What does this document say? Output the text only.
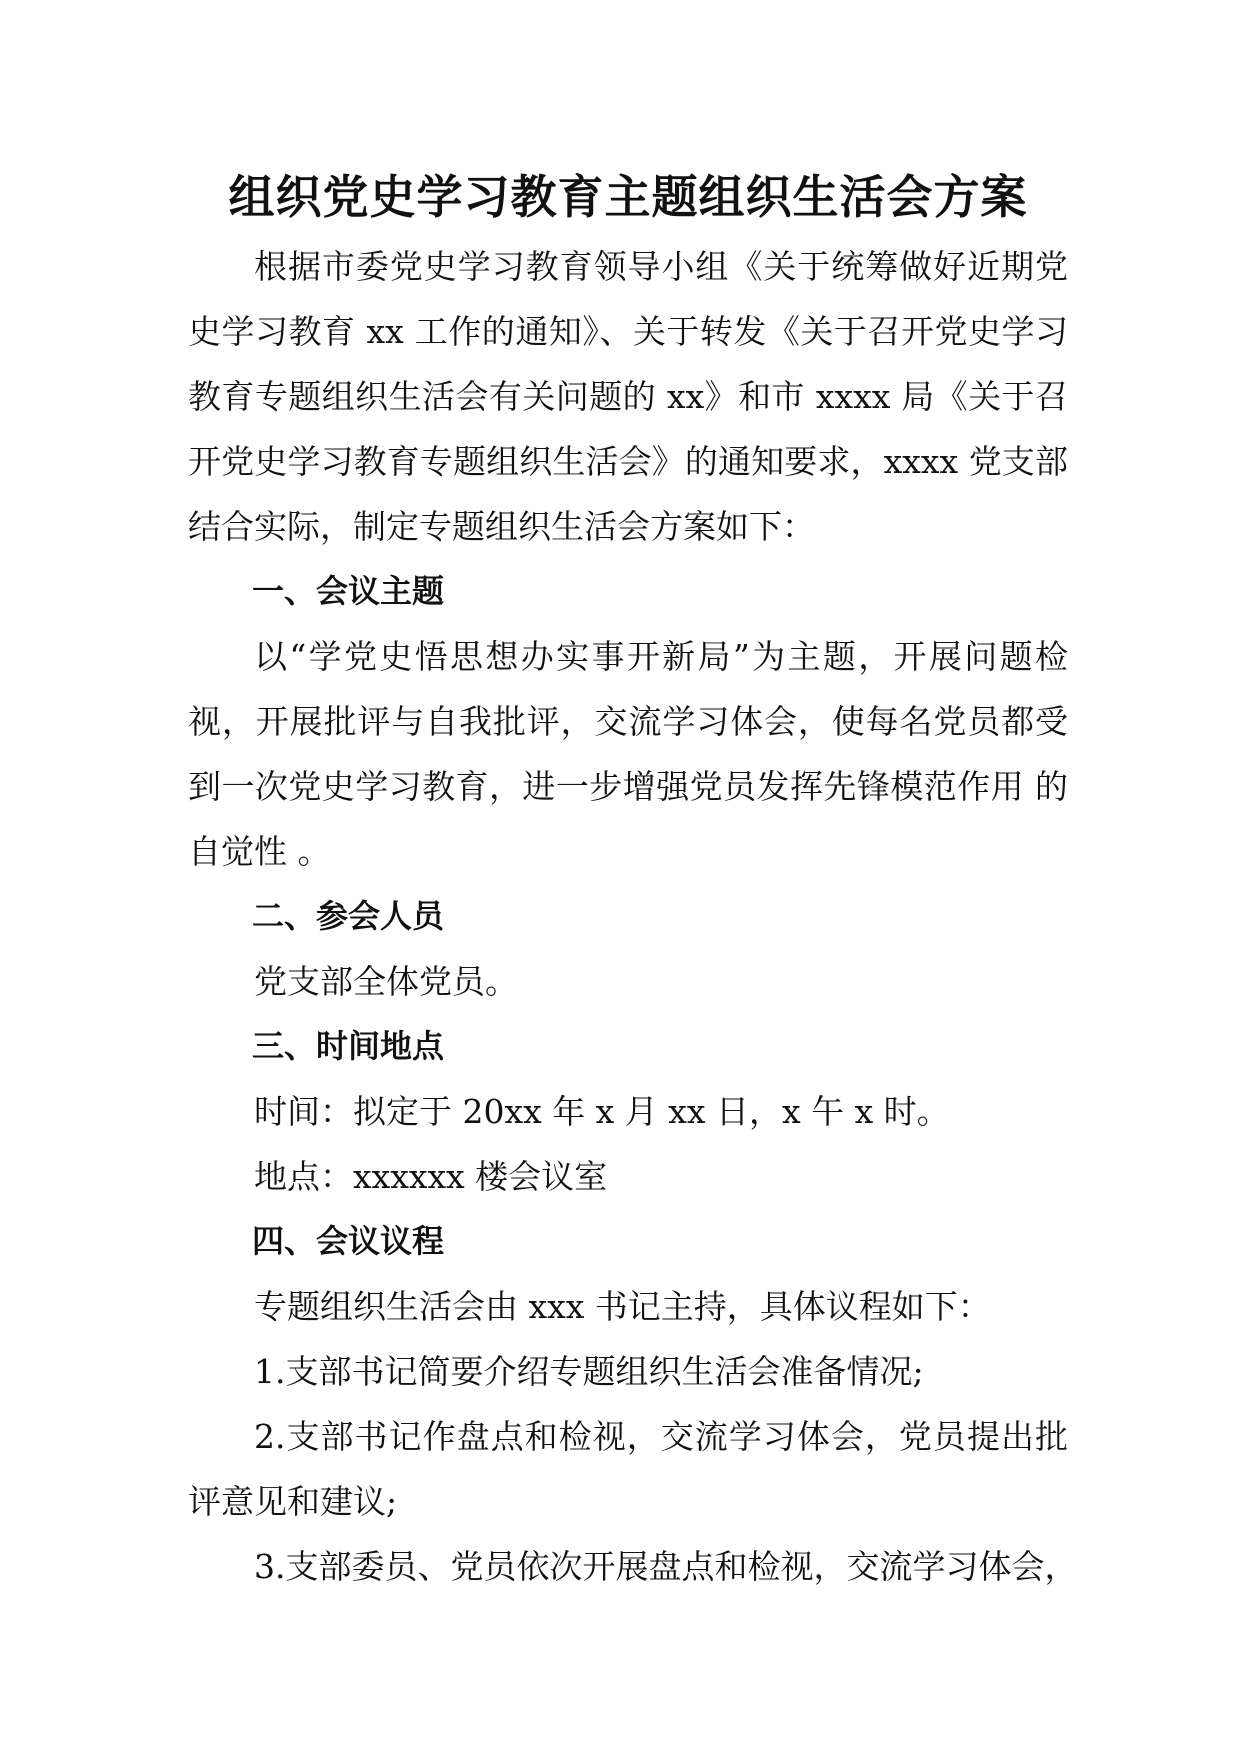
组织党史学习教育主题组织生活会方案

根据市委党史学习教育领导小组《关于统筹做好近期党史学习教育 xx 工作的通知》、关于转发《关于召开党史学习教育专题组织生活会有关问题的 xx》和市 xxxx 局《关于召开党史学习教育专题组织生活会》的通知要求，xxxx 党支部结合实际，制定专题组织生活会方案如下：

一、会议主题

以“学党史悟思想办实事开新局”为主题，开展问题检视，开展批评与自我批评，交流学习体会，使每名党员都受到一次党史学习教育，进一步增强党员发挥先锋模范作用 的自觉性 。

二、参会人员

党支部全体党员。

三、时间地点

时间：拟定于 20xx 年 x 月 xx 日，x 午 x 时。

地点：xxxxxx 楼会议室

四、会议议程

专题组织生活会由 xxx 书记主持，具体议程如下：

1.支部书记简要介绍专题组织生活会准备情况;

2.支部书记作盘点和检视，交流学习体会，党员提出批评意见和建议;

3.支部委员、党员依次开展盘点和检视，交流学习体会，
